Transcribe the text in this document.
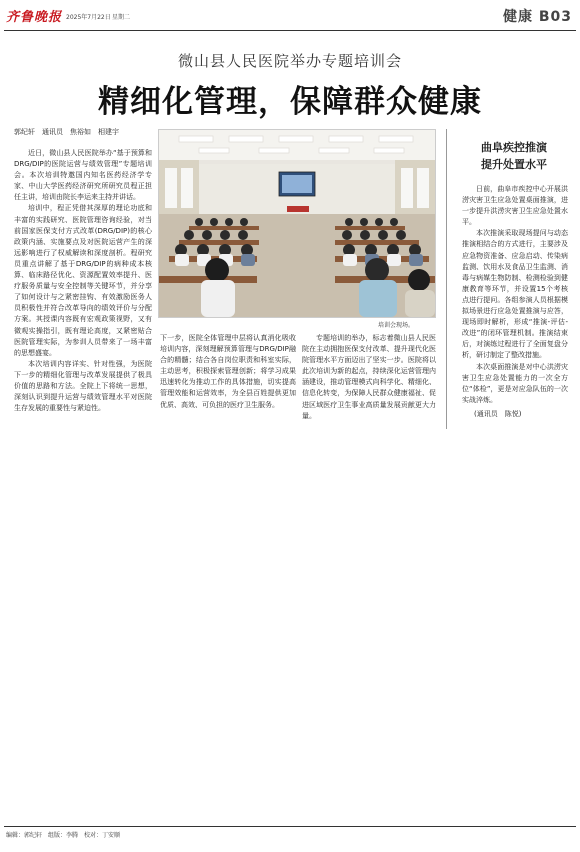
齐鲁晚报 2025年7月22日 星期二	健康 B03
微山县人民医院举办专题培训会
精细化管理，保障群众健康
郭纪轩　通讯员　焦裕如　相建宇

近日，微山县人民医院举办“基于预算和DRG/DIP的医院运营与绩效管理”专题培训会。本次培训特邀国内知名医药经济学专家、中山大学医药经济研究所研究员程正担任主讲，培训由院长李运来主持并讲话。

培训中，程正凭借其深厚的理论功底和丰富的实践研究、医院管理咨询经验，对当前国家医保支付方式改革(DRG/DIP)的核心政策内涵、实施要点及对医院运营产生的深远影响进行了权威解读和深度剖析。程研究员重点讲解了基于DRG/DIP的病种成本核算、临床路径优化、资源配置效率提升、医疗服务质量与安全控制等关键环节，并分享了如何设计与之紧密挂钩、有效激励医务人员积极性并符合改革导向的绩效评价与分配方案。其授课内容既有宏观政策视野，又有微观实操指引，既有理论高度，又紧密贴合医院管理实际，为参训人员带来了一场丰富的思想盛宴。

本次培训内容详实、针对性强，为医院下一步的精细化管理与改革发展提供了极具价值的思路和方法。全院上下将统一思想，深刻认识到提升运营与绩效管理水平对医院生存发展的重要性与紧迫性。

培训会现场。

下一步，医院全体管理中层将认真消化吸收培训内容，深刻理解预算管理与DRG/DIP融合的精髓；结合各自岗位职责和科室实际，主动思考，积极探索管理创新；将学习成果迅速转化为推动工作的具体措施，切实提高管理效能和运营效率，为全县百姓提供更加优质、高效、可负担的医疗卫生服务。

专题培训的举办，标志着微山县人民医院在主动拥抱医保支付改革、提升现代化医院管理水平方面迈出了坚实一步。医院将以此次培训为新的起点，持续深化运营管理内涵建设，推动管理模式向科学化、精细化、信息化转变，为保障人民群众健康福祉、促进区域医疗卫生事业高质量发展贡献更大力量。

曲阜疾控推演
提升处置水平

日前，曲阜市疾控中心开展洪涝灾害卫生应急处置桌面推演，进一步提升洪涝灾害卫生应急处置水平。

本次推演采取现场提问与动态推演相结合的方式进行，主要涉及应急物资准备、应急启动、传染病监测、饮用水及食品卫生监测、消毒与病媒生物防制、检测检验到健康教育等环节，并设置15个考核点进行提问。各组参演人员根据模拟场景进行应急处置推演与应答，现场即时解析，形成“推演-评估-改进”的闭环管理机制。推演结束后，对演练过程进行了全面复盘分析，研讨制定了整改措施。

本次桌面推演是对中心洪涝灾害卫生应急处置能力的一次全方位“体检”，更是对应急队伍的一次实战淬炼。

(通讯员　陈悦)
编辑：郭纪轩　组版：李腾　校对：丁安顺
